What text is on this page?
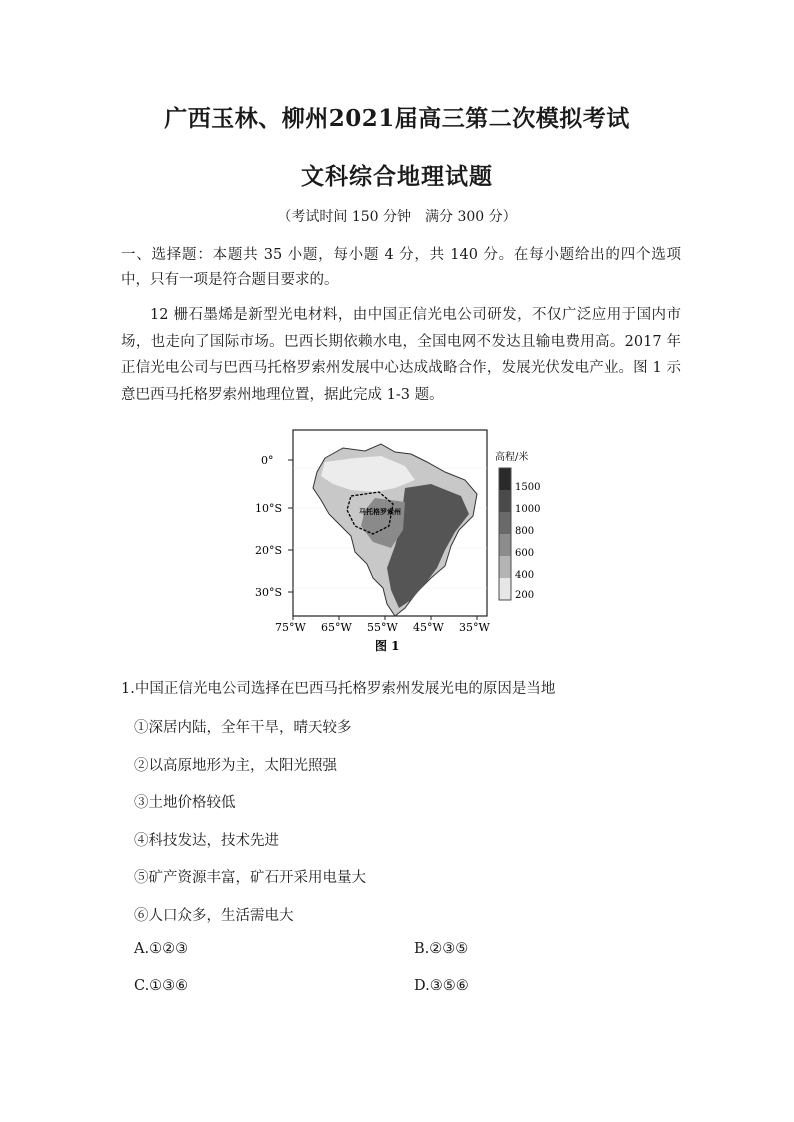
广西玉林、柳州2021届高三第二次模拟考试
文科综合地理试题
（考试时间 150 分钟　满分 300 分）
一、选择题：本题共 35 小题，每小题 4 分，共 140 分。在每小题给出的四个选项中，只有一项是符合题目要求的。
12 栅石墨烯是新型光电材料，由中国正信光电公司研发，不仅广泛应用于国内市场，也走向了国际市场。巴西长期依赖水电，全国电网不发达且输电费用高。2017 年正信光电公司与巴西马托格罗索州发展中心达成战略合作，发展光伏发电产业。图 1 示意巴西马托格罗索州地理位置，据此完成 1-3 题。
马托格罗索州
0°
10°S
20°S
30°S
75°W 65°W 55°W 45°W 35°W
高程/米
1500
1000
800
600
400
200
图 1
1.中国正信光电公司选择在巴西马托格罗索州发展光电的原因是当地
①深居内陆，全年干旱，晴天较多
②以高原地形为主，太阳光照强
③土地价格较低
④科技发达，技术先进
⑤矿产资源丰富，矿石开采用电量大
⑥人口众多，生活需电大
A.①②③	B.②③⑤
C.①③⑥	D.③⑤⑥
